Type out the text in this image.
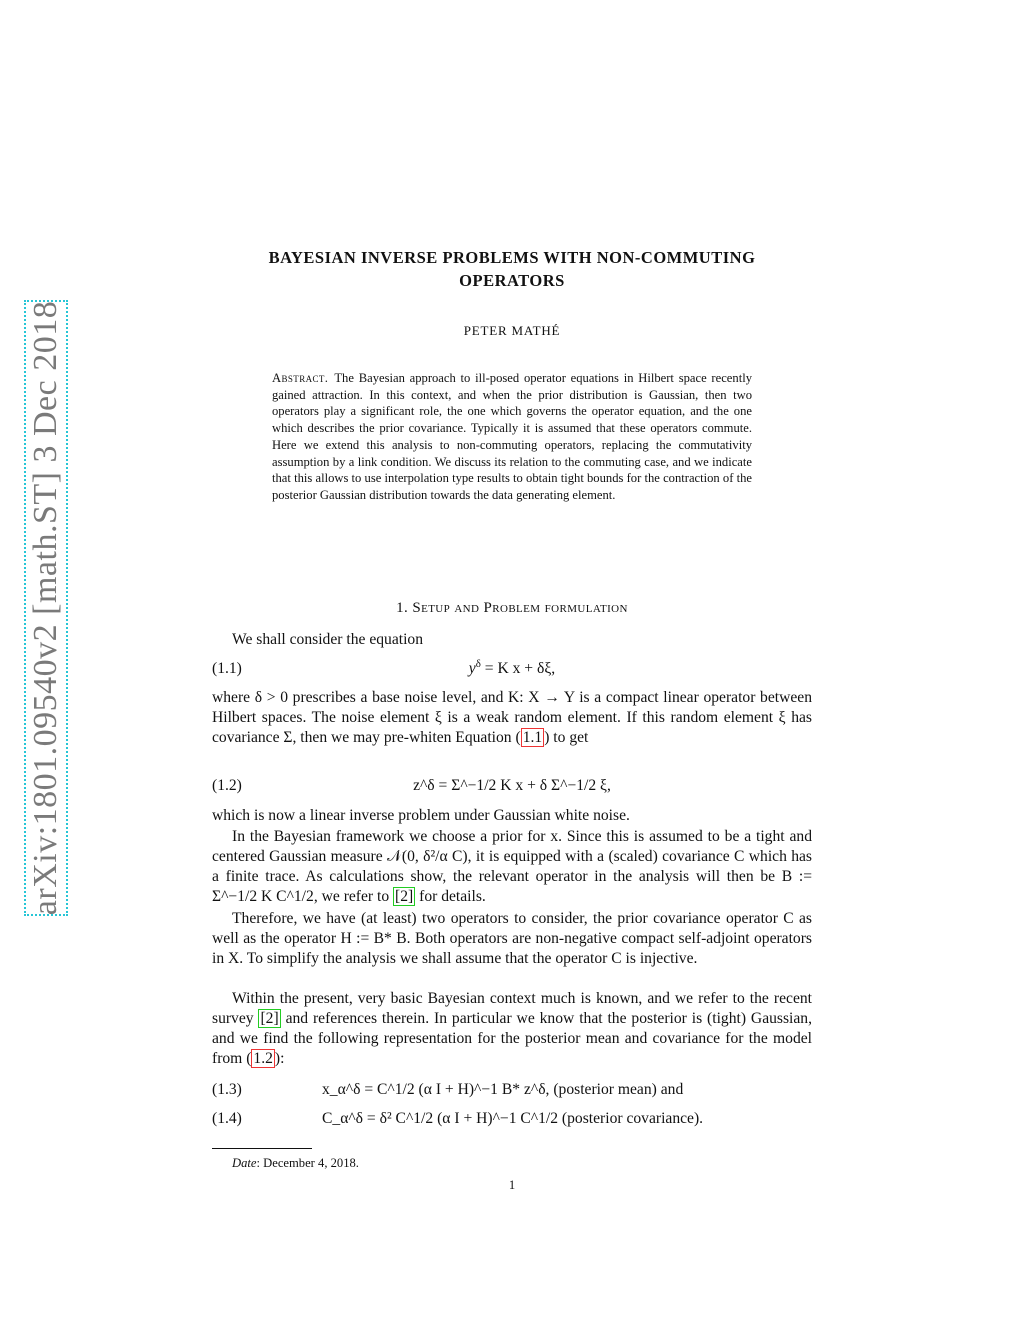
arXiv:1801.09540v2 [math.ST] 3 Dec 2018
BAYESIAN INVERSE PROBLEMS WITH NON-COMMUTING
OPERATORS
PETER MATHÉ
Abstract. The Bayesian approach to ill-posed operator equations in Hilbert space recently gained attraction. In this context, and when the prior distribution is Gaussian, then two operators play a significant role, the one which governs the operator equation, and the one which describes the prior covariance. Typically it is assumed that these operators commute. Here we extend this analysis to non-commuting operators, replacing the commutativity assumption by a link condition. We discuss its relation to the commuting case, and we indicate that this allows to use interpolation type results to obtain tight bounds for the contraction of the posterior Gaussian distribution towards the data generating element.
1. Setup and Problem formulation
We shall consider the equation
(1.1)	$y^\delta = K$ x + δξ,
where δ > 0 prescribes a base noise level, and K: X → Y is a compact linear operator between Hilbert spaces. The noise element ξ is a weak random element. If this random element ξ has covariance Σ, then we may pre-whiten Equation ( 1.1 ) to get
(1.2)	z^δ = Σ^−1/2 K x + δ Σ^−1/2 ξ,
which is now a linear inverse problem under Gaussian white noise.
In the Bayesian framework we choose a prior for x. Since this is assumed to be a tight and centered Gaussian measure 𝒩(0, δ²/α C), it is equipped with a (scaled) covariance C which has a finite trace. As calculations show, the relevant operator in the analysis will then be B := Σ^−1/2 K C^1/2, we refer to [2] for details.
Therefore, we have (at least) two operators to consider, the prior covariance operator C as well as the operator H := B* B. Both operators are non-negative compact self-adjoint operators in X. To simplify the analysis we shall assume that the operator C is injective.
Within the present, very basic Bayesian context much is known, and we refer to the recent survey [2] and references therein. In particular we know that the posterior is (tight) Gaussian, and we find the following representation for the posterior mean and covariance for the model from ( 1.2 ):
(1.3)	x_α^δ = C^1/2 (α I + H)^−1 B* z^δ, (posterior mean) and
(1.4)	C_α^δ = δ² C^1/2 (α I + H)^−1 C^1/2 (posterior covariance).
Date: December 4, 2018.
1
